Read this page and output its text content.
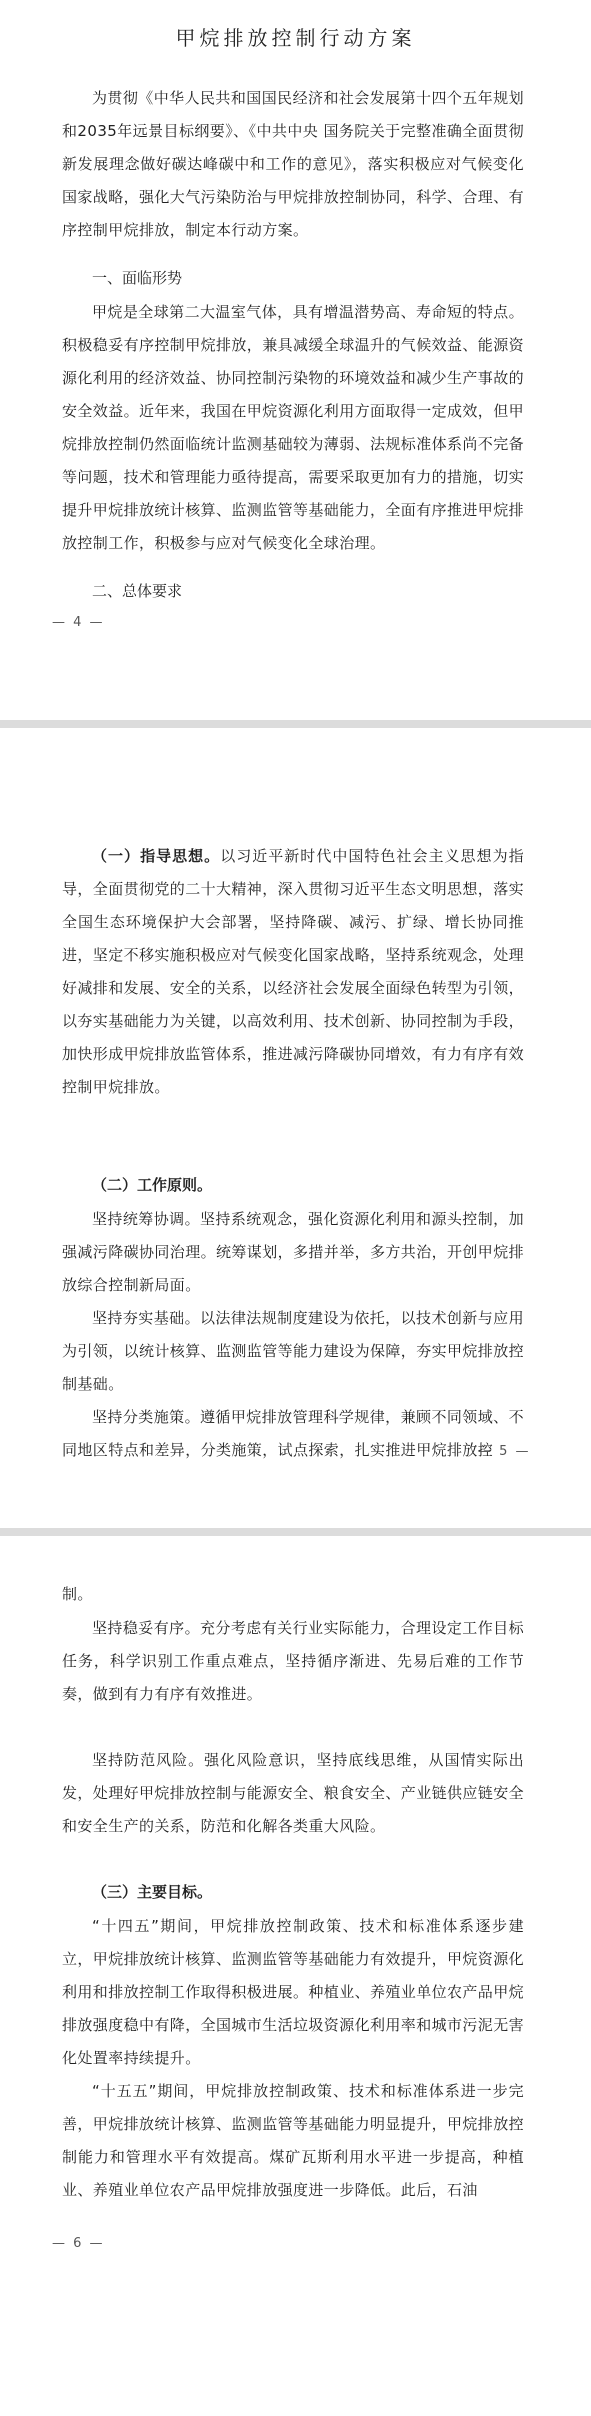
甲烷排放控制行动方案
为贯彻《中华人民共和国国民经济和社会发展第十四个五年规划和2035年远景目标纲要》、《中共中央 国务院关于完整准确全面贯彻新发展理念做好碳达峰碳中和工作的意见》，落实积极应对气候变化国家战略，强化大气污染防治与甲烷排放控制协同，科学、合理、有序控制甲烷排放，制定本行动方案。
一、面临形势
甲烷是全球第二大温室气体，具有增温潜势高、寿命短的特点。积极稳妥有序控制甲烷排放，兼具减缓全球温升的气候效益、能源资源化利用的经济效益、协同控制污染物的环境效益和减少生产事故的安全效益。近年来，我国在甲烷资源化利用方面取得一定成效，但甲烷排放控制仍然面临统计监测基础较为薄弱、法规标准体系尚不完备等问题，技术和管理能力亟待提高，需要采取更加有力的措施，切实提升甲烷排放统计核算、监测监管等基础能力，全面有序推进甲烷排放控制工作，积极参与应对气候变化全球治理。
二、总体要求
— 4 —
（一）指导思想。以习近平新时代中国特色社会主义思想为指导，全面贯彻党的二十大精神，深入贯彻习近平生态文明思想，落实全国生态环境保护大会部署，坚持降碳、减污、扩绿、增长协同推进，坚定不移实施积极应对气候变化国家战略，坚持系统观念，处理好减排和发展、安全的关系，以经济社会发展全面绿色转型为引领，以夯实基础能力为关键，以高效利用、技术创新、协同控制为手段，加快形成甲烷排放监管体系，推进减污降碳协同增效，有力有序有效控制甲烷排放。
（二）工作原则。
坚持统筹协调。坚持系统观念，强化资源化利用和源头控制，加强减污降碳协同治理。统筹谋划，多措并举，多方共治，开创甲烷排放综合控制新局面。
坚持夯实基础。以法律法规制度建设为依托，以技术创新与应用为引领，以统计核算、监测监管等能力建设为保障，夯实甲烷排放控制基础。
坚持分类施策。遵循甲烷排放管理科学规律，兼顾不同领域、不同地区特点和差异，分类施策，试点探索，扎实推进甲烷排放控
— 5 —
制。
坚持稳妥有序。充分考虑有关行业实际能力，合理设定工作目标任务，科学识别工作重点难点，坚持循序渐进、先易后难的工作节奏，做到有力有序有效推进。
坚持防范风险。强化风险意识，坚持底线思维，从国情实际出发，处理好甲烷排放控制与能源安全、粮食安全、产业链供应链安全和安全生产的关系，防范和化解各类重大风险。
（三）主要目标。
“十四五”期间，甲烷排放控制政策、技术和标准体系逐步建立，甲烷排放统计核算、监测监管等基础能力有效提升，甲烷资源化利用和排放控制工作取得积极进展。种植业、养殖业单位农产品甲烷排放强度稳中有降，全国城市生活垃圾资源化利用率和城市污泥无害化处置率持续提升。
“十五五”期间，甲烷排放控制政策、技术和标准体系进一步完善，甲烷排放统计核算、监测监管等基础能力明显提升，甲烷排放控制能力和管理水平有效提高。煤矿瓦斯利用水平进一步提高，种植业、养殖业单位农产品甲烷排放强度进一步降低。此后，石油
— 6 —
